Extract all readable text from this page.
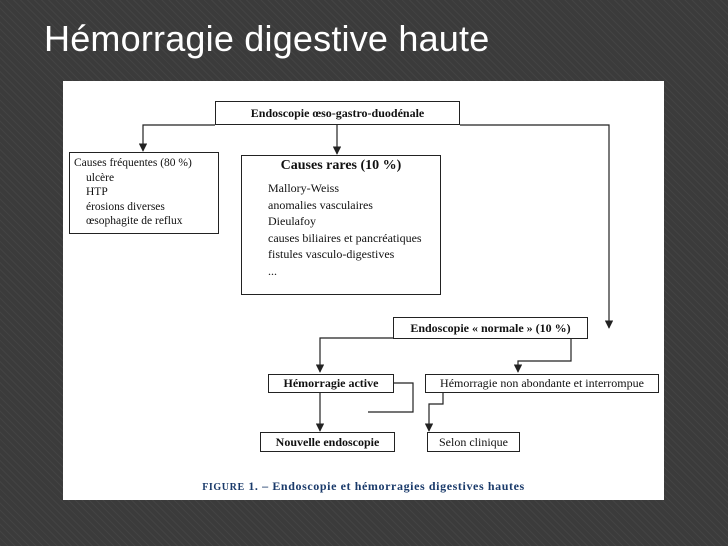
Hémorragie digestive haute
Endoscopie œso-gastro-duodénale
Causes fréquentes (80 %)
ulcère
HTP
érosions diverses
œsophagite de reflux
Causes rares (10 %)
Mallory-Weiss
anomalies vasculaires
Dieulafoy
causes biliaires et pancréatiques
fistules vasculo-digestives
...
Endoscopie « normale » (10 %)
Hémorragie active	Hémorragie non abondante et interrompue
Nouvelle endoscopie	Selon clinique
FIGURE 1. – Endoscopie et hémorragies digestives hautes
